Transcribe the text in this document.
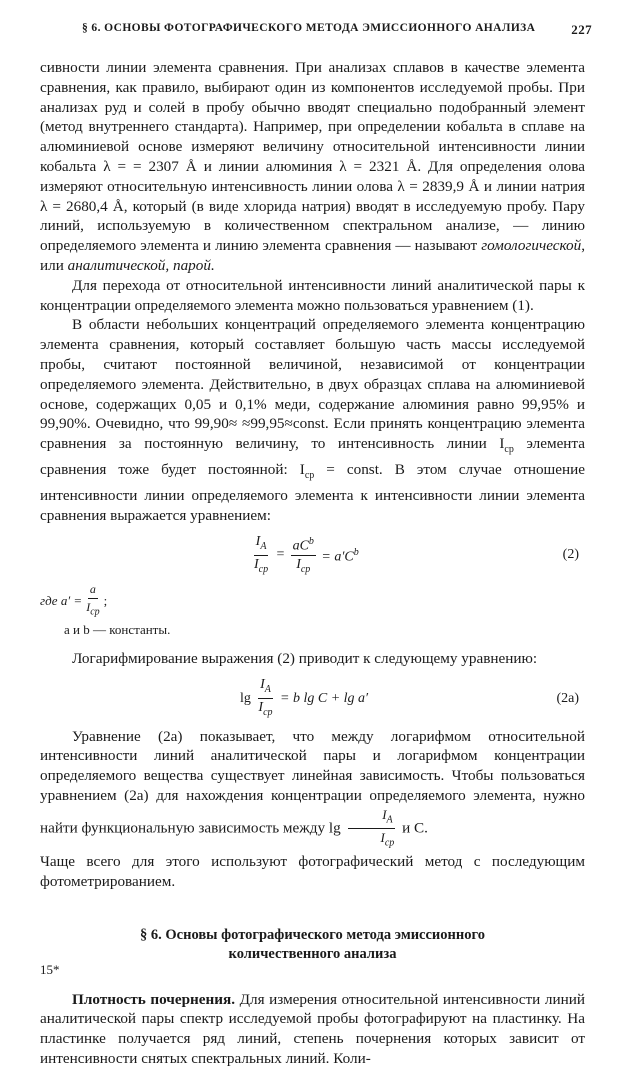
§ 6. ОСНОВЫ ФОТОГРАФИЧЕСКОГО МЕТОДА ЭМИССИОННОГО АНАЛИЗА	227

сивности линии элемента сравнения. При анализах сплавов в качестве элемента сравнения, как правило, выбирают один из компонентов исследуемой пробы. При анализах руд и солей в пробу обычно вводят специально подобранный элемент (метод внутреннего стандарта). Например, при определении кобальта в сплаве на алюминиевой основе измеряют величину относительной интенсивности линии кобальта λ = = 2307 Å и линии алюминия λ = 2321 Å. Для определения олова измеряют относительную интенсивность линии олова λ = 2839,9 Å и линии натрия λ = 2680,4 Å, который (в виде хлорида натрия) вводят в исследуемую пробу. Пару линий, используемую в количественном спектральном анализе, — линию определяемого элемента и линию элемента сравнения — называют гомологической, или аналитической, парой.

Для перехода от относительной интенсивности линий аналитической пары к концентрации определяемого элемента можно пользоваться уравнением (1).

В области небольших концентраций определяемого элемента концентрацию элемента сравнения, который составляет большую часть массы исследуемой пробы, считают постоянной величиной, независимой от концентрации определяемого элемента. Действительно, в двух образцах сплава на алюминиевой основе, содержащих 0,05 и 0,1% меди, содержание алюминия равно 99,95% и 99,90%. Очевидно, что 99,90≈ ≈99,95≈const. Если принять концентрацию элемента сравнения за постоянную величину, то интенсивность линии $I_{ср}$ элемента сравнения тоже будет постоянной: $I_{ср}$ = const. В этом случае отношение интенсивности линии определяемого элемента к интенсивности линии элемента сравнения выражается уравнением:

$\frac{I_А}{I_{ср}} = \frac{aC^b}{I_{ср}} = a'C^b$	(2)
где $a' = \frac{a}{I_{ср}}$ ;
a и b — константы.

Логарифмирование выражения (2) приводит к следующему уравнению:

lg
$\frac{I_А}{I_{ср}} = b$ lg C + lg a′	(2а)

Уравнение (2а) показывает, что между логарифмом относительной интенсивности линий аналитической пары и логарифмом концентрации определяемого вещества существует линейная зависимость. Чтобы пользоваться уравнением (2а) для нахождения концентрации определяемого элемента, нужно найти функциональную зависимость между $\lg \frac{I_А}{I_{ср}}$ и C.

Чаще всего для этого используют фотографический метод с последующим фотометрированием.

§ 6. Основы фотографического метода эмиссионного
количественного анализа

Плотность почернения. Для измерения относительной интенсивности линий аналитической пары спектр исследуемой пробы фотографируют на пластинку. На пластинке получается ряд линий, степень почернения которых зависит от интенсивности снятых спектральных линий. Коли-

15*
